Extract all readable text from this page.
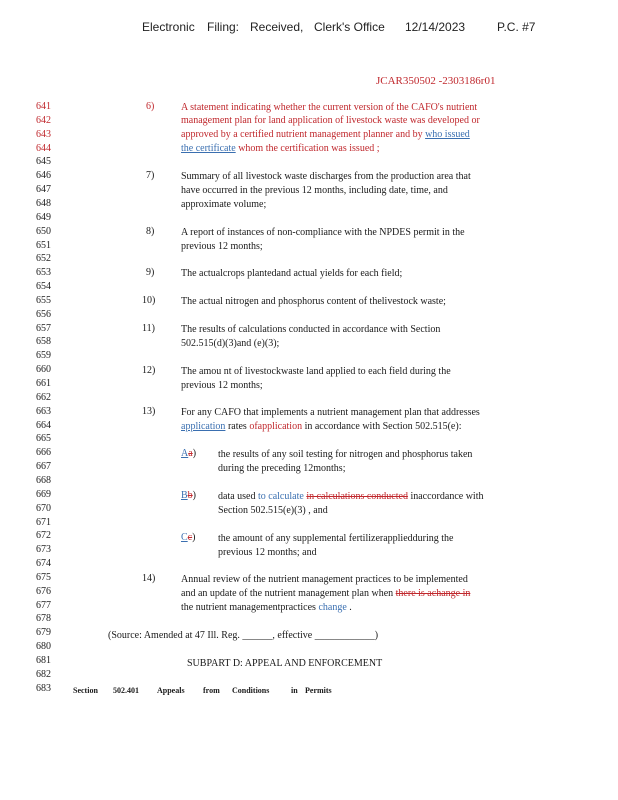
Electronic Filing: Received, Clerk's Office 12/14/2023	P.C. #7
JCAR350502 -2303186r01
641
642
643
644
645
646
647
648
649
650
651
652
653
654
655
656
657
658
659
660
661
662
663
664
665
666
667
668
669
670
671
672
673
674
675
676
677
678
679
680
681
682
683
6)	A statement indicating whether the current version of the CAFO's nutrient
management plan for land application of livestock waste was developed or
approved by a certified nutrient management planner and by who issued
the certificate whom the certification was issued ;
7)	Summary of all livestock waste discharges from the production area that
have occurred in the previous 12 months, including date, time, and
approximate volume;
8)	A report of instances of non-compliance with the NPDES permit in the
previous 12 months;
9)	The actualcrops plantedand actual yields for each field;
10)	The actual nitrogen and phosphorus content of thelivestock waste;
11)	The results of calculations conducted in accordance with Section
502.515(d)(3)and (e)(3);
12)	The amou nt of livestockwaste land applied to each field during the
previous 12 months;
13)	For any CAFO that implements a nutrient management plan that addresses
application rates ofapplication in accordance with Section 502.515(e):
Aa) the results of any soil testing for nitrogen and phosphorus taken
during the preceding 12months;
Bb) data used to calculate in calculations conducted inaccordance with
Section 502.515(e)(3) , and
Cc) the amount of any supplemental fertilizerappliedduring the
previous 12 months; and
14)	Annual review of the nutrient management practices to be implemented
and an update of the nutrient management plan when there is achange in
the nutrient managementpractices change .
(Source: Amended at 47 Ill. Reg. ______, effective ____________)
SUBPART D: APPEAL AND ENFORCEMENT
Section 502.401 Appeals from Conditions	in Permits
